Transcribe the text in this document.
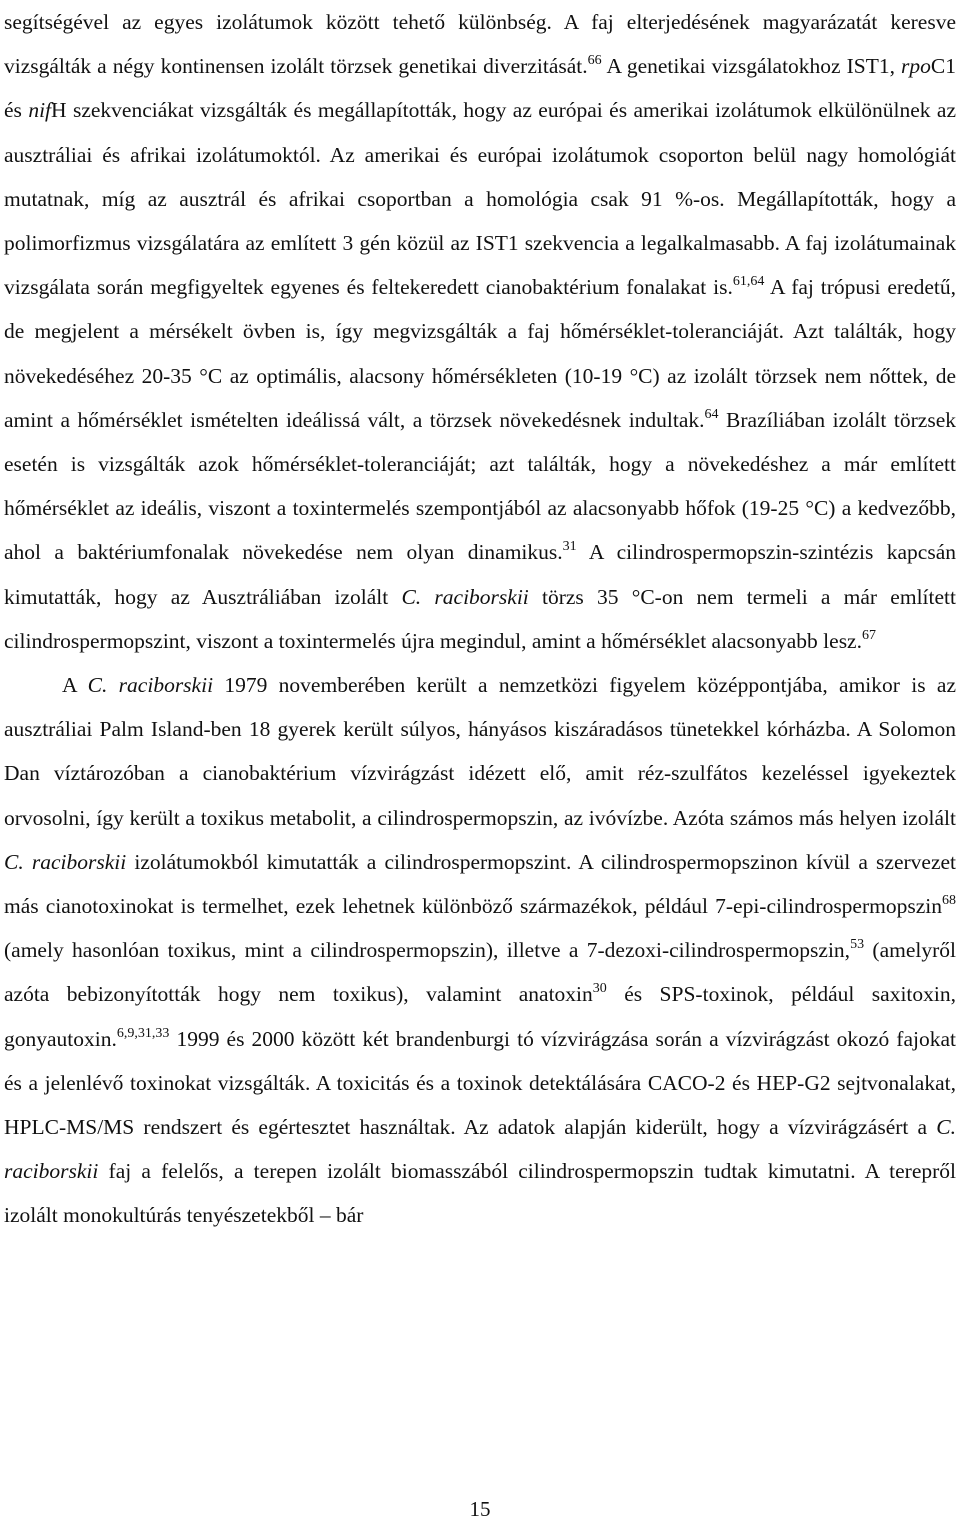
segítségével az egyes izolátumok között tehető különbség. A faj elterjedésének magyarázatát keresve vizsgálták a négy kontinensen izolált törzsek genetikai diverzitását.$^{66}$ A genetikai vizsgálatokhoz IST1, rpoC1 és nifH szekvenciákat vizsgálták és megállapították, hogy az európai és amerikai izolátumok elkülönülnek az ausztráliai és afrikai izolátumoktól. Az amerikai és európai izolátumok csoporton belül nagy homológiát mutatnak, míg az ausztrál és afrikai csoportban a homológia csak 91 %-os. Megállapították, hogy a polimorfizmus vizsgálatára az említett 3 gén közül az IST1 szekvencia a legalkalmasabb. A faj izolátumainak vizsgálata során megfigyeltek egyenes és feltekeredett cianobaktérium fonalakat is.$^{61,64}$ A faj trópusi eredetű, de megjelent a mérsékelt övben is, így megvizsgálták a faj hőmérséklet-toleranciáját. Azt találták, hogy növekedéséhez 20-35 °C az optimális, alacsony hőmérsékleten (10-19 °C) az izolált törzsek nem nőttek, de amint a hőmérséklet ismételten ideálissá vált, a törzsek növekedésnek indultak.$^{64}$ Brazíliában izolált törzsek esetén is vizsgálták azok hőmérséklet-toleranciáját; azt találták, hogy a növekedéshez a már említett hőmérséklet az ideális, viszont a toxintermelés szempontjából az alacsonyabb hőfok (19-25 °C) a kedvezőbb, ahol a baktériumfonalak növekedése nem olyan dinamikus.$^{31}$ A cilindrospermopszin-szintézis kapcsán kimutatták, hogy az Ausztráliában izolált C. raciborskii törzs 35 °C-on nem termeli a már említett cilindrospermopszint, viszont a toxintermelés újra megindul, amint a hőmérséklet alacsonyabb lesz.$^{67}$

A C. raciborskii 1979 novemberében került a nemzetközi figyelem középpontjába, amikor is az ausztráliai Palm Island-ben 18 gyerek került súlyos, hányásos kiszáradásos tünetekkel kórházba. A Solomon Dan víztározóban a cianobaktérium vízvirágzást idézett elő, amit réz-szulfátos kezeléssel igyekeztek orvosolni, így került a toxikus metabolit, a cilindrospermopszin, az ivóvízbe. Azóta számos más helyen izolált C. raciborskii izolátumokból kimutatták a cilindrospermopszint. A cilindrospermopszinon kívül a szervezet más cianotoxinokat is termelhet, ezek lehetnek különböző származékok, például 7-epi-cilindrospermopszin$^{68}$ (amely hasonlóan toxikus, mint a cilindrospermopszin), illetve a 7-dezoxi-cilindrospermopszin,$^{53}$ (amelyről azóta bebizonyították hogy nem toxikus), valamint anatoxin$^{30}$ és SPS-toxinok, például saxitoxin, gonyautoxin.$^{6,9,31,33}$ 1999 és 2000 között két brandenburgi tó vízvirágzása során a vízvirágzást okozó fajokat és a jelenlévő toxinokat vizsgálták. A toxicitás és a toxinok detektálására CACO-2 és HEP-G2 sejtvonalakat, HPLC-MS/MS rendszert és egértesztet használtak. Az adatok alapján kiderült, hogy a vízvirágzásért a C. raciborskii faj a felelős, a terepen izolált biomasszából cilindrospermopszin tudtak kimutatni. A terepről izolált monokultúrás tenyészetekből – bár

15
